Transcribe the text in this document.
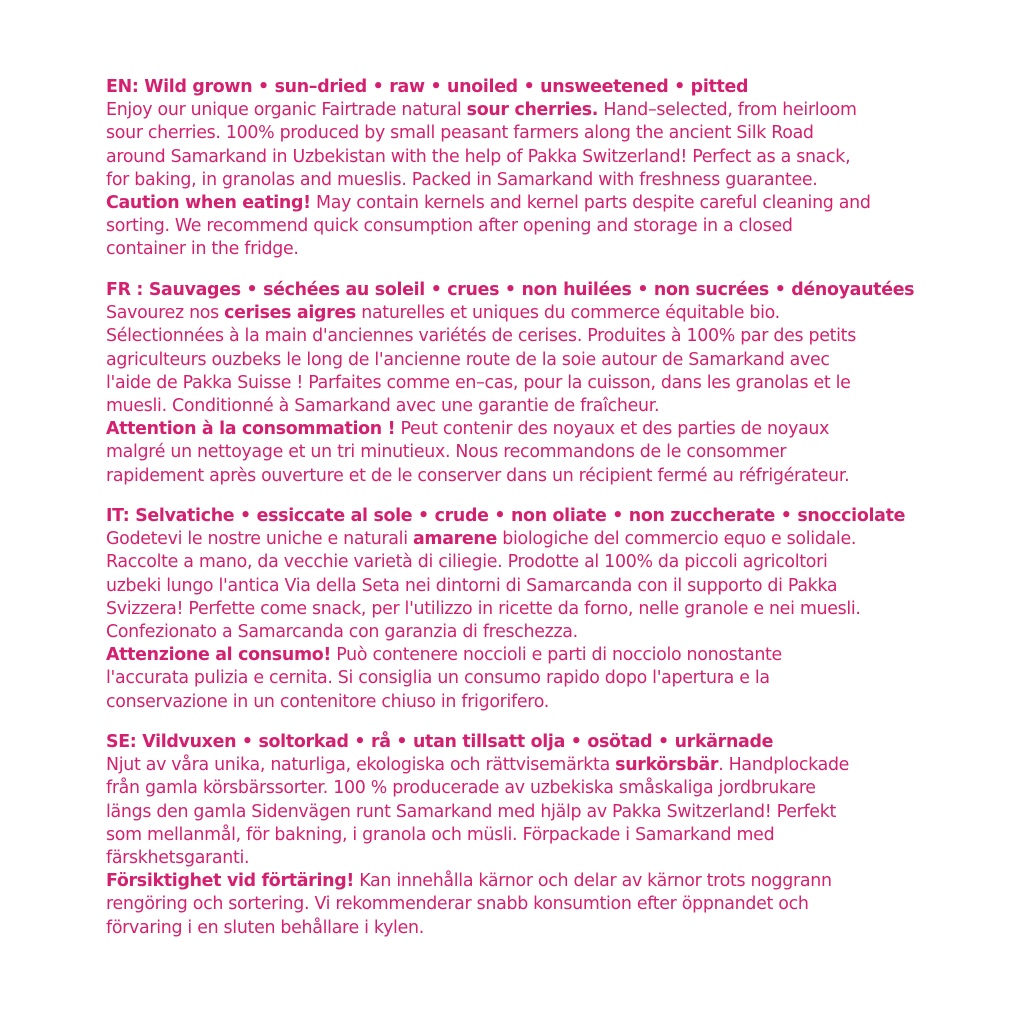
EN: Wild grown • sun–dried • raw • unoiled • unsweetened • pitted
Enjoy our unique organic Fairtrade natural sour cherries. Hand–selected, from heirloom
sour cherries. 100% produced by small peasant farmers along the ancient Silk Road
around Samarkand in Uzbekistan with the help of Pakka Switzerland! Perfect as a snack,
for baking, in granolas and mueslis. Packed in Samarkand with freshness guarantee.
Caution when eating! May contain kernels and kernel parts despite careful cleaning and
sorting. We recommend quick consumption after opening and storage in a closed
container in the fridge.
FR : Sauvages • séchées au soleil • crues • non huilées • non sucrées • dénoyautées
Savourez nos cerises aigres naturelles et uniques du commerce équitable bio.
Sélectionnées à la main d'anciennes variétés de cerises. Produites à 100% par des petits
agriculteurs ouzbeks le long de l'ancienne route de la soie autour de Samarkand avec
l'aide de Pakka Suisse ! Parfaites comme en–cas, pour la cuisson, dans les granolas et le
muesli. Conditionné à Samarkand avec une garantie de fraîcheur.
Attention à la consommation ! Peut contenir des noyaux et des parties de noyaux
malgré un nettoyage et un tri minutieux. Nous recommandons de le consommer
rapidement après ouverture et de le conserver dans un récipient fermé au réfrigérateur.
IT: Selvatiche • essiccate al sole • crude • non oliate • non zuccherate • snocciolate
Godetevi le nostre uniche e naturali amarene biologiche del commercio equo e solidale.
Raccolte a mano, da vecchie varietà di ciliegie. Prodotte al 100% da piccoli agricoltori
uzbeki lungo l'antica Via della Seta nei dintorni di Samarcanda con il supporto di Pakka
Svizzera! Perfette come snack, per l'utilizzo in ricette da forno, nelle granole e nei muesli.
Confezionato a Samarcanda con garanzia di freschezza.
Attenzione al consumo! Può contenere noccioli e parti di nocciolo nonostante
l'accurata pulizia e cernita. Si consiglia un consumo rapido dopo l'apertura e la
conservazione in un contenitore chiuso in frigorifero.
SE: Vildvuxen • soltorkad • rå • utan tillsatt olja • osötad • urkärnade
Njut av våra unika, naturliga, ekologiska och rättvisemärkta surkörsbär. Handplockade
från gamla körsbärssorter. 100 % producerade av uzbekiska småskaliga jordbrukare
längs den gamla Sidenvägen runt Samarkand med hjälp av Pakka Switzerland! Perfekt
som mellanmål, för bakning, i granola och müsli. Förpackade i Samarkand med
färskhetsgaranti.
Försiktighet vid förtäring! Kan innehålla kärnor och delar av kärnor trots noggrann
rengöring och sortering. Vi rekommenderar snabb konsumtion efter öppnandet och
förvaring i en sluten behållare i kylen.
